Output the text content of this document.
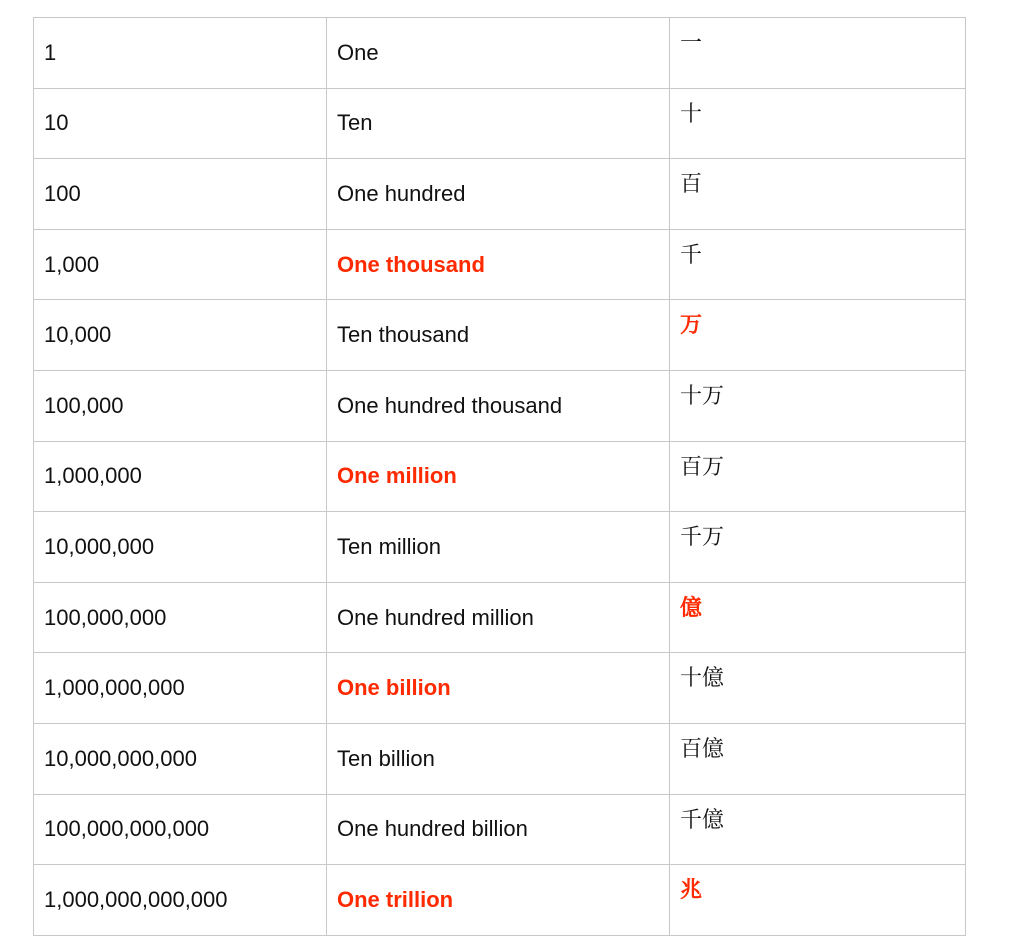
1	One	一
10	Ten	十
100	One hundred	百
1,000	One thousand	千
10,000	Ten thousand	万
100,000	One hundred thousand	十万
1,000,000	One million	百万
10,000,000	Ten million	千万
100,000,000	One hundred million	億
1,000,000,000	One billion	十億
10,000,000,000	Ten billion	百億
100,000,000,000	One hundred billion	千億
1,000,000,000,000	One trillion	兆
